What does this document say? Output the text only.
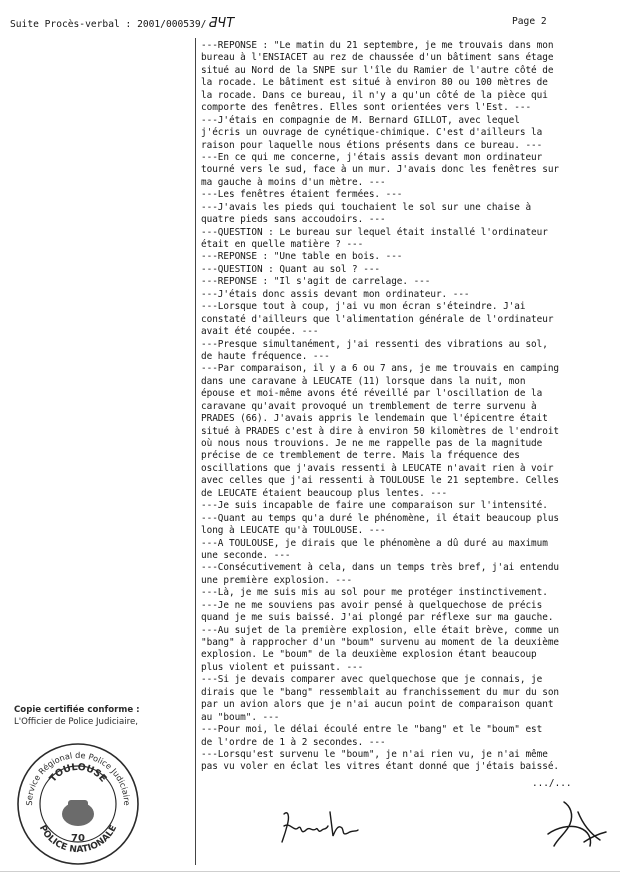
Suite Procès-verbal : 2001/000539/ ƋЧT	Page 2
---REPONSE : "Le matin du 21 septembre, je me trouvais dans mon
bureau à l'ENSIACET au rez de chaussée d'un bâtiment sans étage
situé au Nord de la SNPE sur l'île du Ramier de l'autre côté de
la rocade. Le bâtiment est situé à environ 80 ou 100 mètres de
la rocade. Dans ce bureau, il n'y a qu'un côté de la pièce qui
comporte des fenêtres. Elles sont orientées vers l'Est. ---
---J'étais en compagnie de M. Bernard GILLOT, avec lequel
j'écris un ouvrage de cynétique-chimique. C'est d'ailleurs la
raison pour laquelle nous étions présents dans ce bureau. ---
---En ce qui me concerne, j'étais assis devant mon ordinateur
tourné vers le sud, face à un mur. J'avais donc les fenêtres sur
ma gauche à moins d'un mètre. ---
---Les fenêtres étaient fermées. ---
---J'avais les pieds qui touchaient le sol sur une chaise à
quatre pieds sans accoudoirs. ---
---QUESTION : Le bureau sur lequel était installé l'ordinateur
était en quelle matière ? ---
---REPONSE : "Une table en bois. ---
---QUESTION : Quant au sol ? ---
---REPONSE : "Il s'agit de carrelage. ---
---J'étais donc assis devant mon ordinateur. ---
---Lorsque tout à coup, j'ai vu mon écran s'éteindre. J'ai
constaté d'ailleurs que l'alimentation générale de l'ordinateur
avait été coupée. ---
---Presque simultanément, j'ai ressenti des vibrations au sol,
de haute fréquence. ---
---Par comparaison, il y a 6 ou 7 ans, je me trouvais en camping
dans une caravane à LEUCATE (11) lorsque dans la nuit, mon
épouse et moi-même avons été réveillé par l'oscillation de la
caravane qu'avait provoqué un tremblement de terre survenu à
PRADES (66). J'avais appris le lendemain que l'épicentre était
situé à PRADES c'est à dire à environ 50 kilomètres de l'endroit
où nous nous trouvions. Je ne me rappelle pas de la magnitude
précise de ce tremblement de terre. Mais la fréquence des
oscillations que j'avais ressenti à LEUCATE n'avait rien à voir
avec celles que j'ai ressenti à TOULOUSE le 21 septembre. Celles
de LEUCATE étaient beaucoup plus lentes. ---
---Je suis incapable de faire une comparaison sur l'intensité.
---Quant au temps qu'a duré le phénomène, il était beaucoup plus
long à LEUCATE qu'à TOULOUSE. ---
---A TOULOUSE, je dirais que le phénomène a dû duré au maximum
une seconde. ---
---Consécutivement à cela, dans un temps très bref, j'ai entendu
une première explosion. ---
---Là, je me suis mis au sol pour me protéger instinctivement.
---Je ne me souviens pas avoir pensé à quelquechose de précis
quand je me suis baissé. J'ai plongé par réflexe sur ma gauche.
---Au sujet de la première explosion, elle était brève, comme un
"bang" à rapprocher d'un "boum" survenu au moment de la deuxième
explosion. Le "boum" de la deuxième explosion étant beaucoup
plus violent et puissant. ---
---Si je devais comparer avec quelquechose que je connais, je
dirais que le "bang" ressemblait au franchissement du mur du son
par un avion alors que je n'ai aucun point de comparaison quant
au "boum". ---
---Pour moi, le délai écoulé entre le "bang" et le "boum" est
de l'ordre de 1 à 2 secondes. ---
---Lorsqu'est survenu le "boum", je n'ai rien vu, je n'ai même
pas vu voler en éclat les vitres étant donné que j'étais baissé.
.../...
Copie certifiée conforme :
L'Officier de Police Judiciaire,
Service Régional de Police Judiciaire
POLICE NATIONALE
TOULOUSE
70
